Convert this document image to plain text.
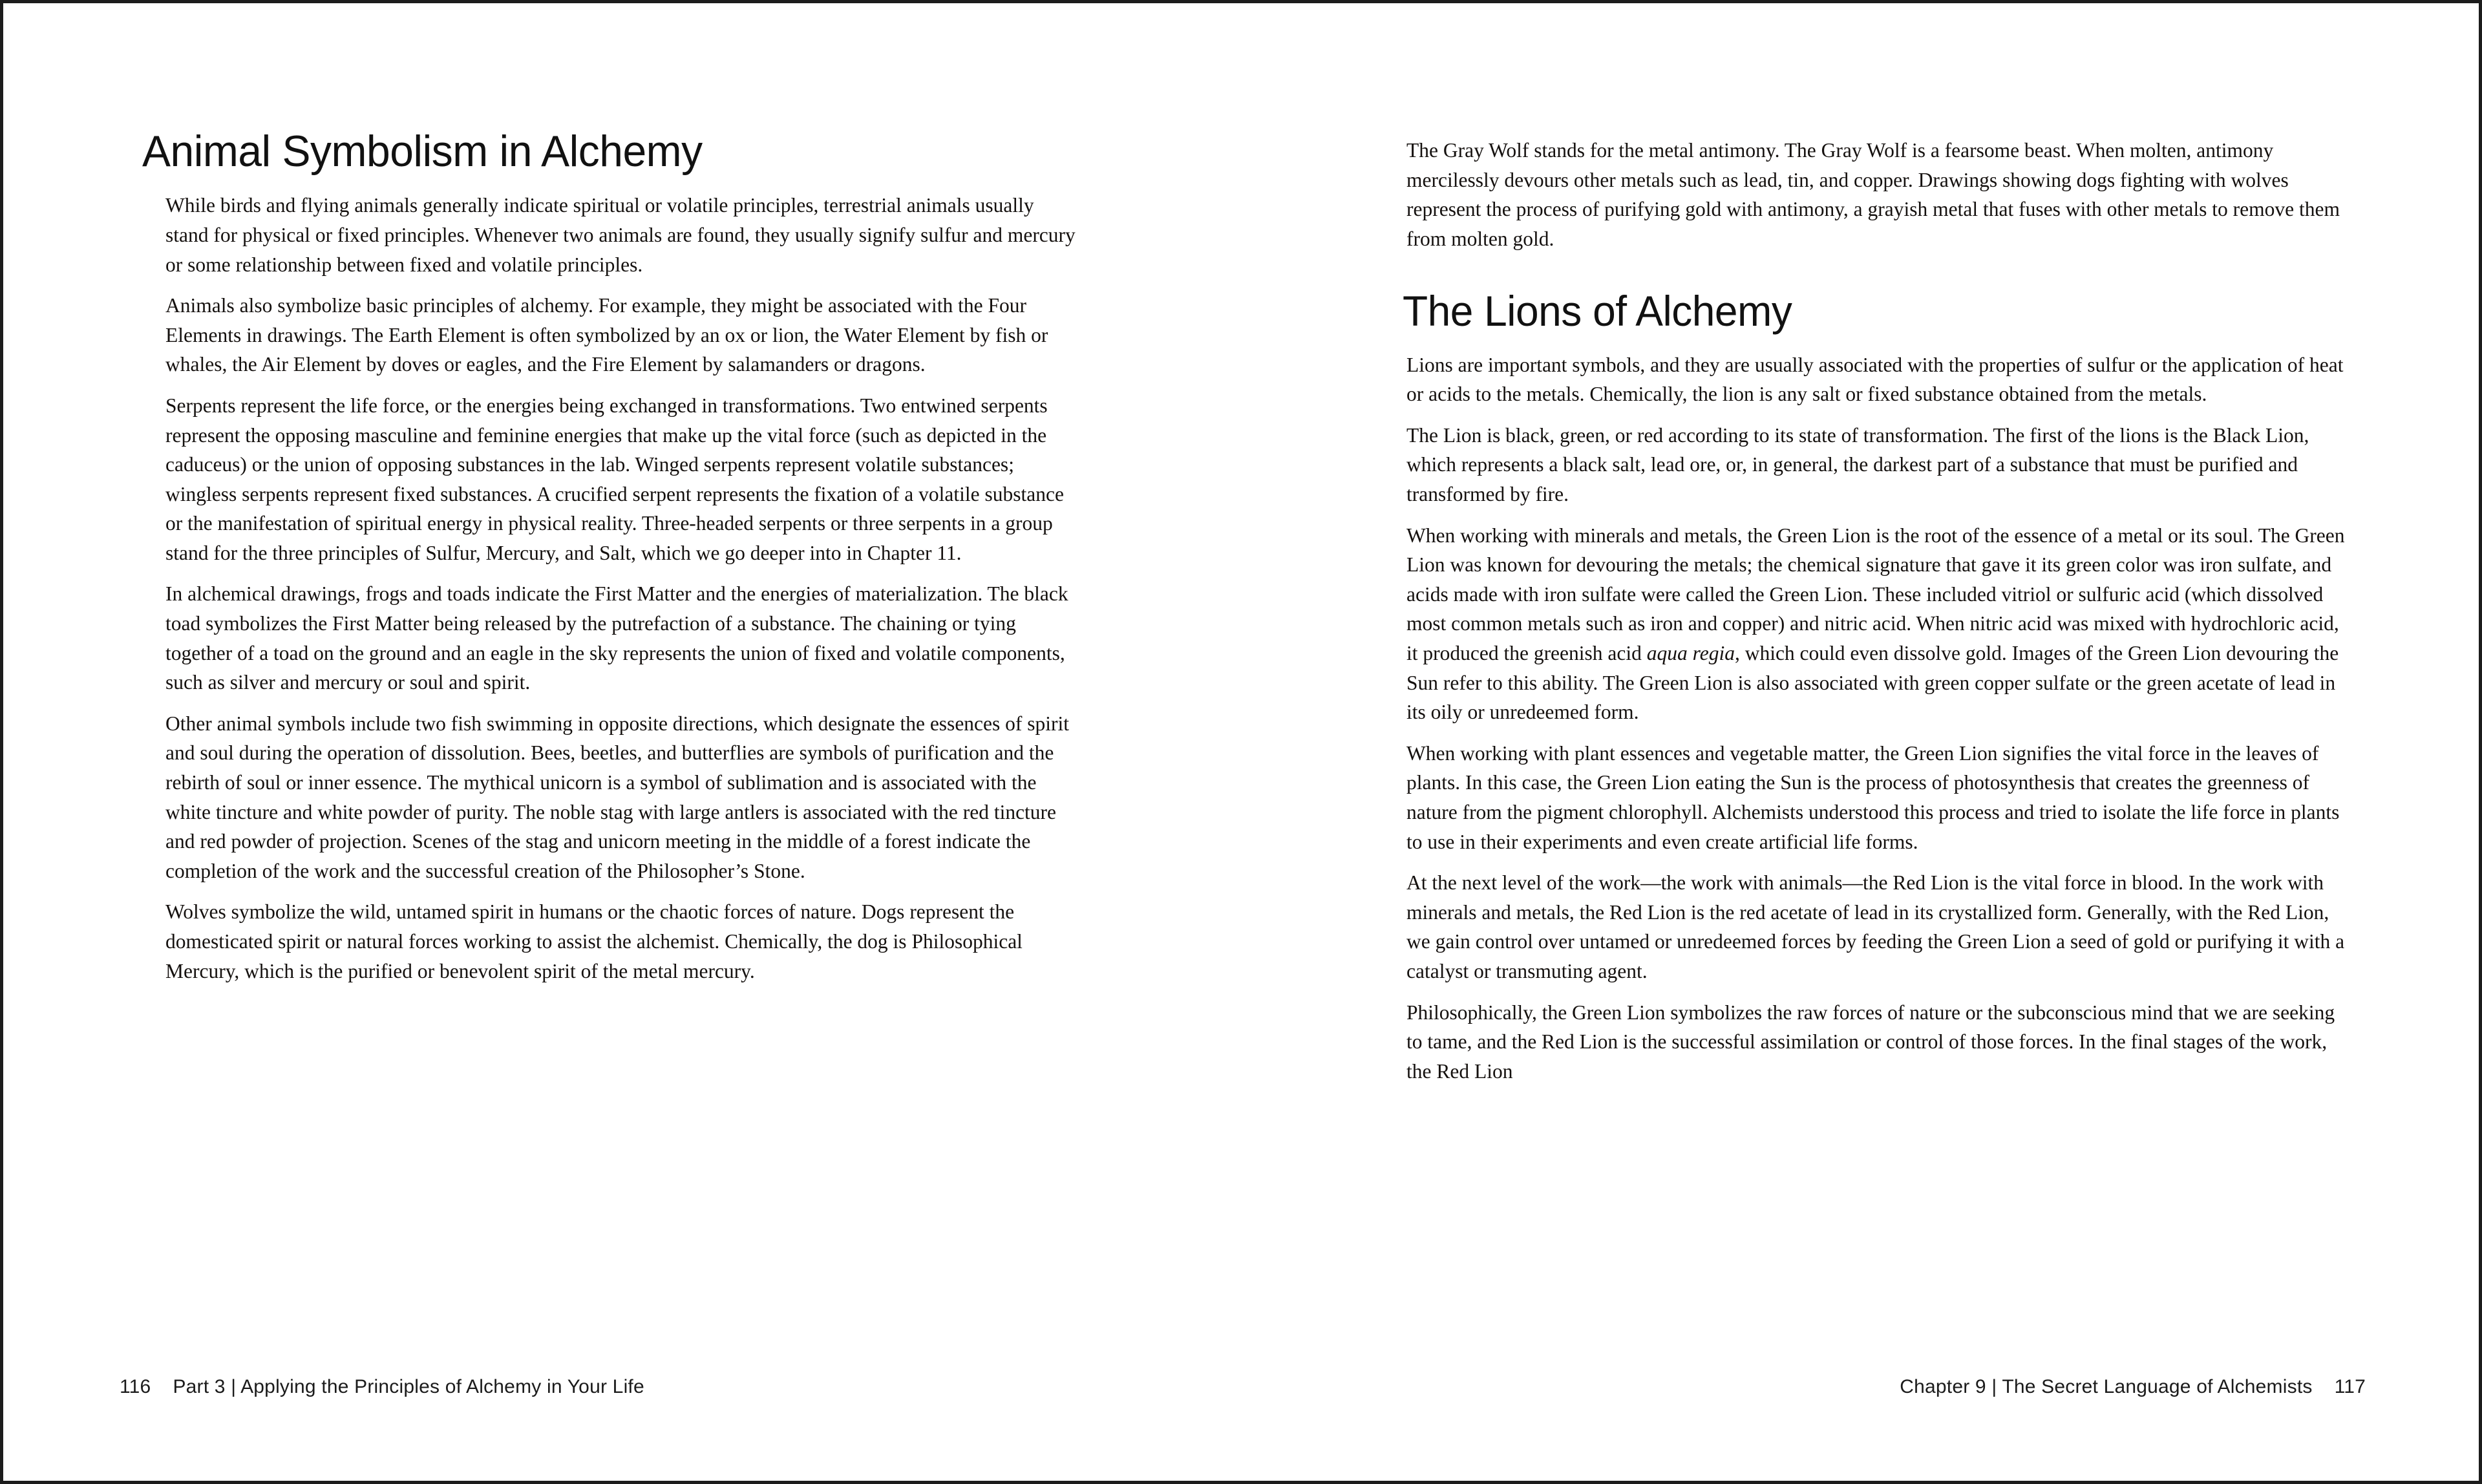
Animal Symbolism in Alchemy

While birds and flying animals generally indicate spiritual or volatile principles, terrestrial animals usually stand for physical or fixed principles. Whenever two animals are found, they usually signify sulfur and mercury or some relationship between fixed and volatile principles.

Animals also symbolize basic principles of alchemy. For example, they might be associated with the Four Elements in drawings. The Earth Element is often symbolized by an ox or lion, the Water Element by fish or whales, the Air Element by doves or eagles, and the Fire Element by salamanders or dragons.

Serpents represent the life force, or the energies being exchanged in transformations. Two entwined serpents represent the opposing masculine and feminine energies that make up the vital force (such as depicted in the caduceus) or the union of opposing substances in the lab. Winged serpents represent volatile substances; wingless serpents represent fixed substances. A crucified serpent represents the fixation of a volatile substance or the manifestation of spiritual energy in physical reality. Three-headed serpents or three serpents in a group stand for the three principles of Sulfur, Mercury, and Salt, which we go deeper into in Chapter 11.

In alchemical drawings, frogs and toads indicate the First Matter and the energies of materialization. The black toad symbolizes the First Matter being released by the putrefaction of a substance. The chaining or tying together of a toad on the ground and an eagle in the sky represents the union of fixed and volatile components, such as silver and mercury or soul and spirit.

Other animal symbols include two fish swimming in opposite directions, which designate the essences of spirit and soul during the operation of dissolution. Bees, beetles, and butterflies are symbols of purification and the rebirth of soul or inner essence. The mythical unicorn is a symbol of sublimation and is associated with the white tincture and white powder of purity. The noble stag with large antlers is associated with the red tincture and red powder of projection. Scenes of the stag and unicorn meeting in the middle of a forest indicate the completion of the work and the successful creation of the Philosopher’s Stone.

Wolves symbolize the wild, untamed spirit in humans or the chaotic forces of nature. Dogs represent the domesticated spirit or natural forces working to assist the alchemist. Chemically, the dog is Philosophical Mercury, which is the purified or benevolent spirit of the metal mercury.

The Gray Wolf stands for the metal antimony. The Gray Wolf is a fearsome beast. When molten, antimony mercilessly devours other metals such as lead, tin, and copper. Drawings showing dogs fighting with wolves represent the process of purifying gold with antimony, a grayish metal that fuses with other metals to remove them from molten gold.

The Lions of Alchemy

Lions are important symbols, and they are usually associated with the properties of sulfur or the application of heat or acids to the metals. Chemically, the lion is any salt or fixed substance obtained from the metals.

The Lion is black, green, or red according to its state of transformation. The first of the lions is the Black Lion, which represents a black salt, lead ore, or, in general, the darkest part of a substance that must be purified and transformed by fire.

When working with minerals and metals, the Green Lion is the root of the essence of a metal or its soul. The Green Lion was known for devouring the metals; the chemical signature that gave it its green color was iron sulfate, and acids made with iron sulfate were called the Green Lion. These included vitriol or sulfuric acid (which dissolved most common metals such as iron and copper) and nitric acid. When nitric acid was mixed with hydrochloric acid, it produced the greenish acid aqua regia, which could even dissolve gold. Images of the Green Lion devouring the Sun refer to this ability. The Green Lion is also associated with green copper sulfate or the green acetate of lead in its oily or unredeemed form.

When working with plant essences and vegetable matter, the Green Lion signifies the vital force in the leaves of plants. In this case, the Green Lion eating the Sun is the process of photosynthesis that creates the greenness of nature from the pigment chlorophyll. Alchemists understood this process and tried to isolate the life force in plants to use in their experiments and even create artificial life forms.

At the next level of the work—the work with animals—the Red Lion is the vital force in blood. In the work with minerals and metals, the Red Lion is the red acetate of lead in its crystallized form. Generally, with the Red Lion, we gain control over untamed or unredeemed forces by feeding the Green Lion a seed of gold or purifying it with a catalyst or transmuting agent.

Philosophically, the Green Lion symbolizes the raw forces of nature or the subconscious mind that we are seeking to tame, and the Red Lion is the successful assimilation or control of those forces. In the final stages of the work, the Red Lion

116 Part 3 | Applying the Principles of Alchemy in Your Life	Chapter 9 | The Secret Language of Alchemists 117
